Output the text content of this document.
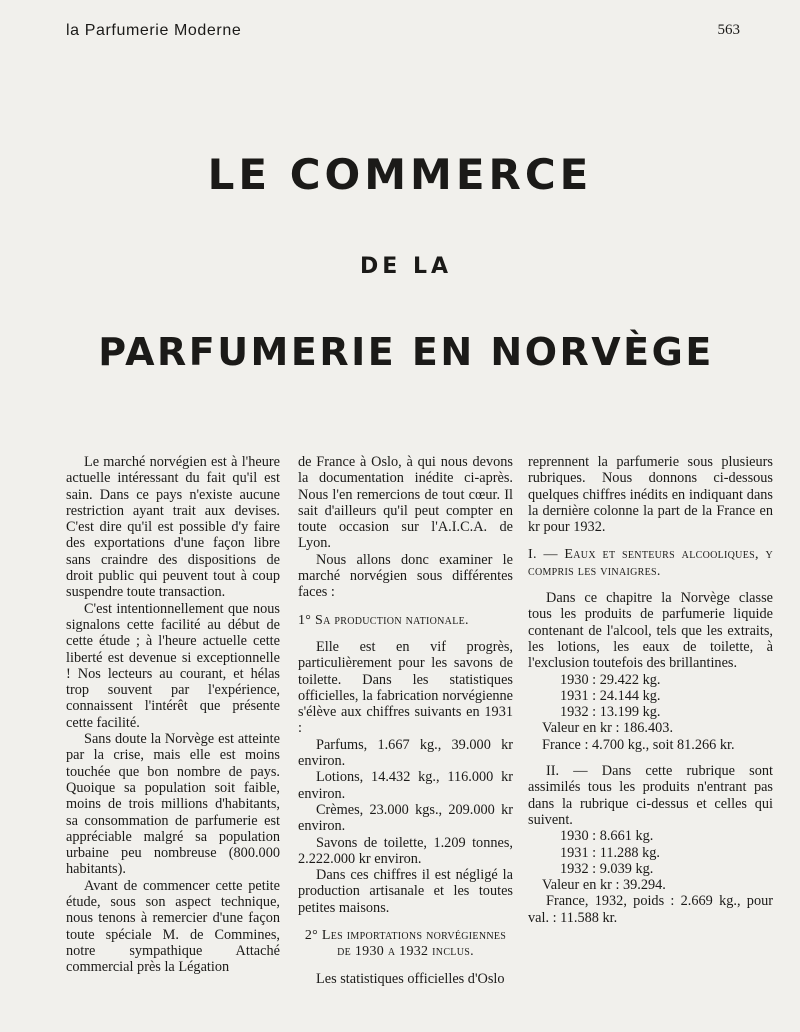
la Parfumerie Moderne	563
LE COMMERCE
DE LA
PARFUMERIE EN NORVÈGE

Le marché norvégien est à l'heure actuelle intéressant du fait qu'il est sain. Dans ce pays n'existe aucune restriction ayant trait aux devises. C'est dire qu'il est possible d'y faire des exportations d'une façon libre sans craindre des dispositions de droit public qui peuvent tout à coup suspendre toute transaction.

C'est intentionnellement que nous signalons cette facilité au début de cette étude ; à l'heure actuelle cette liberté est devenue si exceptionnelle ! Nos lecteurs au courant, et hélas trop souvent par l'expérience, connaissent l'intérêt que présente cette facilité.

Sans doute la Norvège est atteinte par la crise, mais elle est moins touchée que bon nombre de pays. Quoique sa population soit faible, moins de trois millions d'habitants, sa consommation de parfumerie est appréciable malgré sa population urbaine peu nombreuse (800.000 habitants).

Avant de commencer cette petite étude, sous son aspect technique, nous tenons à remercier d'une façon toute spéciale M. de Commines, notre sympathique Attaché commercial près la Légation

de France à Oslo, à qui nous devons la documentation inédite ci-après. Nous l'en remercions de tout cœur. Il sait d'ailleurs qu'il peut compter en toute occasion sur l'A.I.C.A. de Lyon.

Nous allons donc examiner le marché norvégien sous différentes faces :

1° Sa production nationale.

Elle est en vif progrès, particulièrement pour les savons de toilette. Dans les statistiques officielles, la fabrication norvégienne s'élève aux chiffres suivants en 1931 :

Parfums, 1.667 kg., 39.000 kr environ.

Lotions, 14.432 kg., 116.000 kr environ.

Crèmes, 23.000 kgs., 209.000 kr environ.

Savons de toilette, 1.209 tonnes, 2.222.000 kr environ.

Dans ces chiffres il est négligé la production artisanale et les toutes petites maisons.

2° Les importations norvégiennes de 1930 a 1932 inclus.

Les statistiques officielles d'Oslo

reprennent la parfumerie sous plusieurs rubriques. Nous donnons ci-dessous quelques chiffres inédits en indiquant dans la dernière colonne la part de la France en kr pour 1932.

I. — Eaux et senteurs alcooliques, y compris les vinaigres.

Dans ce chapitre la Norvège classe tous les produits de parfumerie liquide contenant de l'alcool, tels que les extraits, les lotions, les eaux de toilette, à l'exclusion toutefois des brillantines.

1930 : 29.422 kg.

1931 : 24.144 kg.

1932 : 13.199 kg.

Valeur en kr : 186.403.

France : 4.700 kg., soit 81.266 kr.

II. — Dans cette rubrique sont assimilés tous les produits n'entrant pas dans la rubrique ci-dessus et celles qui suivent.

1930 : 8.661 kg.

1931 : 11.288 kg.

1932 : 9.039 kg.

Valeur en kr : 39.294.

France, 1932, poids : 2.669 kg., pour val. : 11.588 kr.
